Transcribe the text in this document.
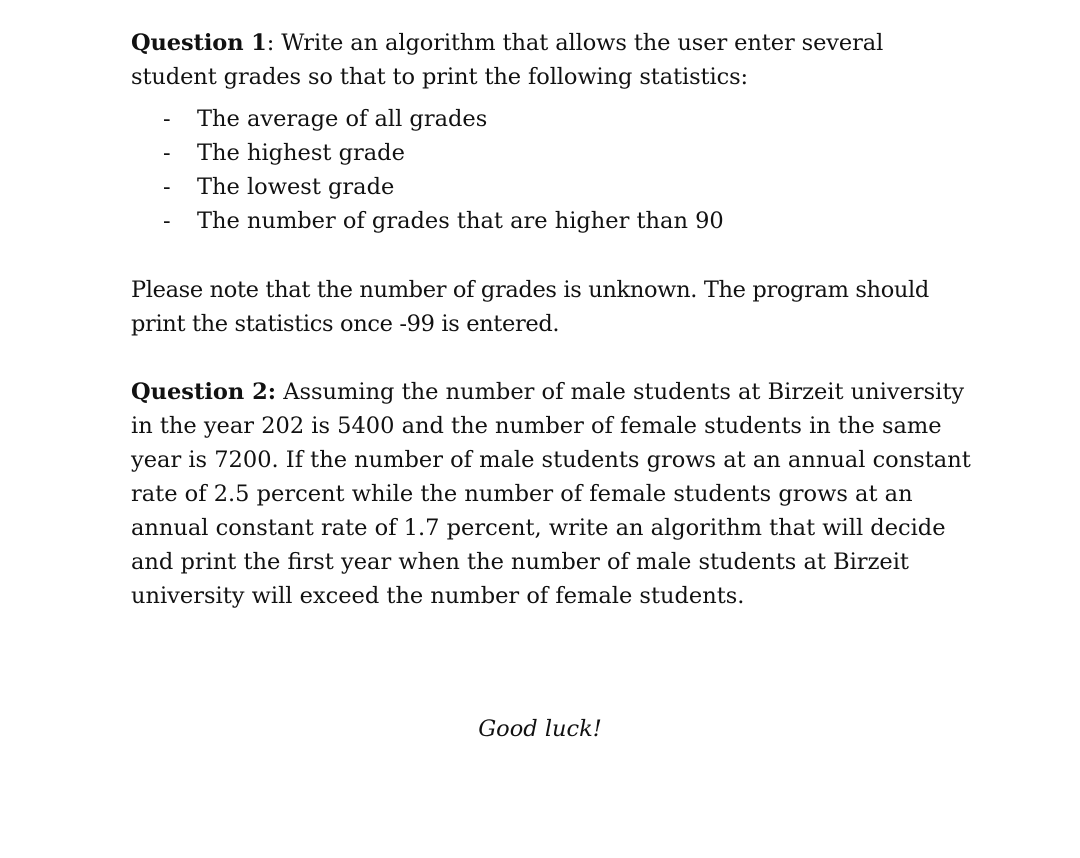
Question 1: Write an algorithm that allows the user enter several student grades so that to print the following statistics:

- The average of all grades
- The highest grade
- The lowest grade
- The number of grades that are higher than 90

Please note that the number of grades is unknown. The program should print the statistics once -99 is entered.

Question 2: Assuming the number of male students at Birzeit university in the year 202 is 5400 and the number of female students in the same year is 7200. If the number of male students grows at an annual constant rate of 2.5 percent while the number of female students grows at an annual constant rate of 1.7 percent, write an algorithm that will decide and print the first year when the number of male students at Birzeit university will exceed the number of female students.

Good luck!
